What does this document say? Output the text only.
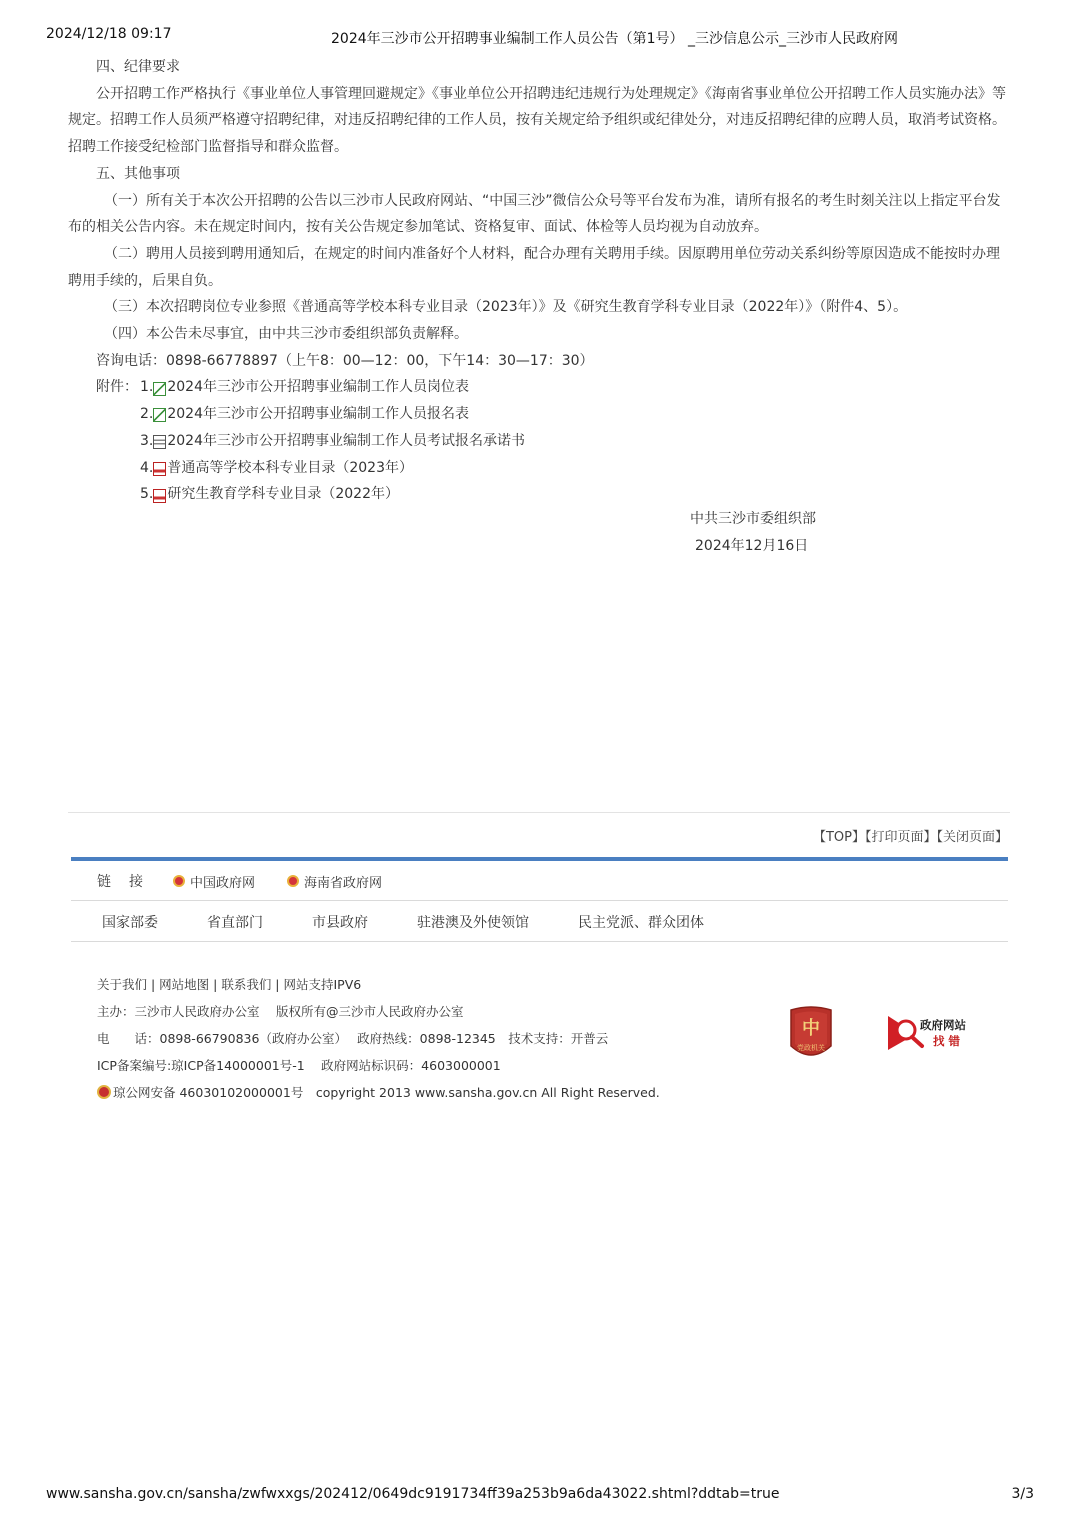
2024/12/18 09:17	2024年三沙市公开招聘事业编制工作人员公告（第1号） _三沙信息公示_三沙市人民政府网

四、纪律要求

公开招聘工作严格执行《事业单位人事管理回避规定》《事业单位公开招聘违纪违规行为处理规定》《海南省事业单位公开招聘工作人员实施办法》等规定。招聘工作人员须严格遵守招聘纪律，对违反招聘纪律的工作人员，按有关规定给予组织或纪律处分，对违反招聘纪律的应聘人员，取消考试资格。招聘工作接受纪检部门监督指导和群众监督。

五、其他事项

（一）所有关于本次公开招聘的公告以三沙市人民政府网站、“中国三沙”微信公众号等平台发布为准，请所有报名的考生时刻关注以上指定平台发布的相关公告内容。未在规定时间内，按有关公告规定参加笔试、资格复审、面试、体检等人员均视为自动放弃。

（二）聘用人员接到聘用通知后，在规定的时间内准备好个人材料，配合办理有关聘用手续。因原聘用单位劳动关系纠纷等原因造成不能按时办理聘用手续的，后果自负。

（三）本次招聘岗位专业参照《普通高等学校本科专业目录（2023年）》及《研究生教育学科专业目录（2022年）》（附件4、5）。

（四）本公告未尽事宜，由中共三沙市委组织部负责解释。

咨询电话：0898-66778897（上午8：00—12：00，下午14：30—17：30）

附件： 1. 2024年三沙市公开招聘事业编制工作人员岗位表
2. 2024年三沙市公开招聘事业编制工作人员报名表
3. 2024年三沙市公开招聘事业编制工作人员考试报名承诺书
4. 普通高等学校本科专业目录（2023年）
5. 研究生教育学科专业目录（2022年）

中共三沙市委组织部

2024年12月16日

【TOP】【打印页面】【关闭页面】
链接 中国政府网	海南省政府网
国家部委	省直部门	市县政府	驻港澳及外使领馆	民主党派、群众团体
关于我们 | 网站地图 | 联系我们 | 网站支持IPV6
主办：三沙市人民政府办公室　 版权所有@三沙市人民政府办公室
电　　话：0898-66790836（政府办公室）　 政府热线：0898-12345　技术支持：开普云
ICP备案编号:琼ICP备14000001号-1　 政府网站标识码：4603000001
琼公网安备 46030102000001号　 copyright 2013 www.sansha.gov.cn All Right Reserved.
中
党政机关
政府网站
找 错
www.sansha.gov.cn/sansha/zwfwxxgs/202412/0649dc9191734ff39a253b9a6da43022.shtml?ddtab=true	3/3
